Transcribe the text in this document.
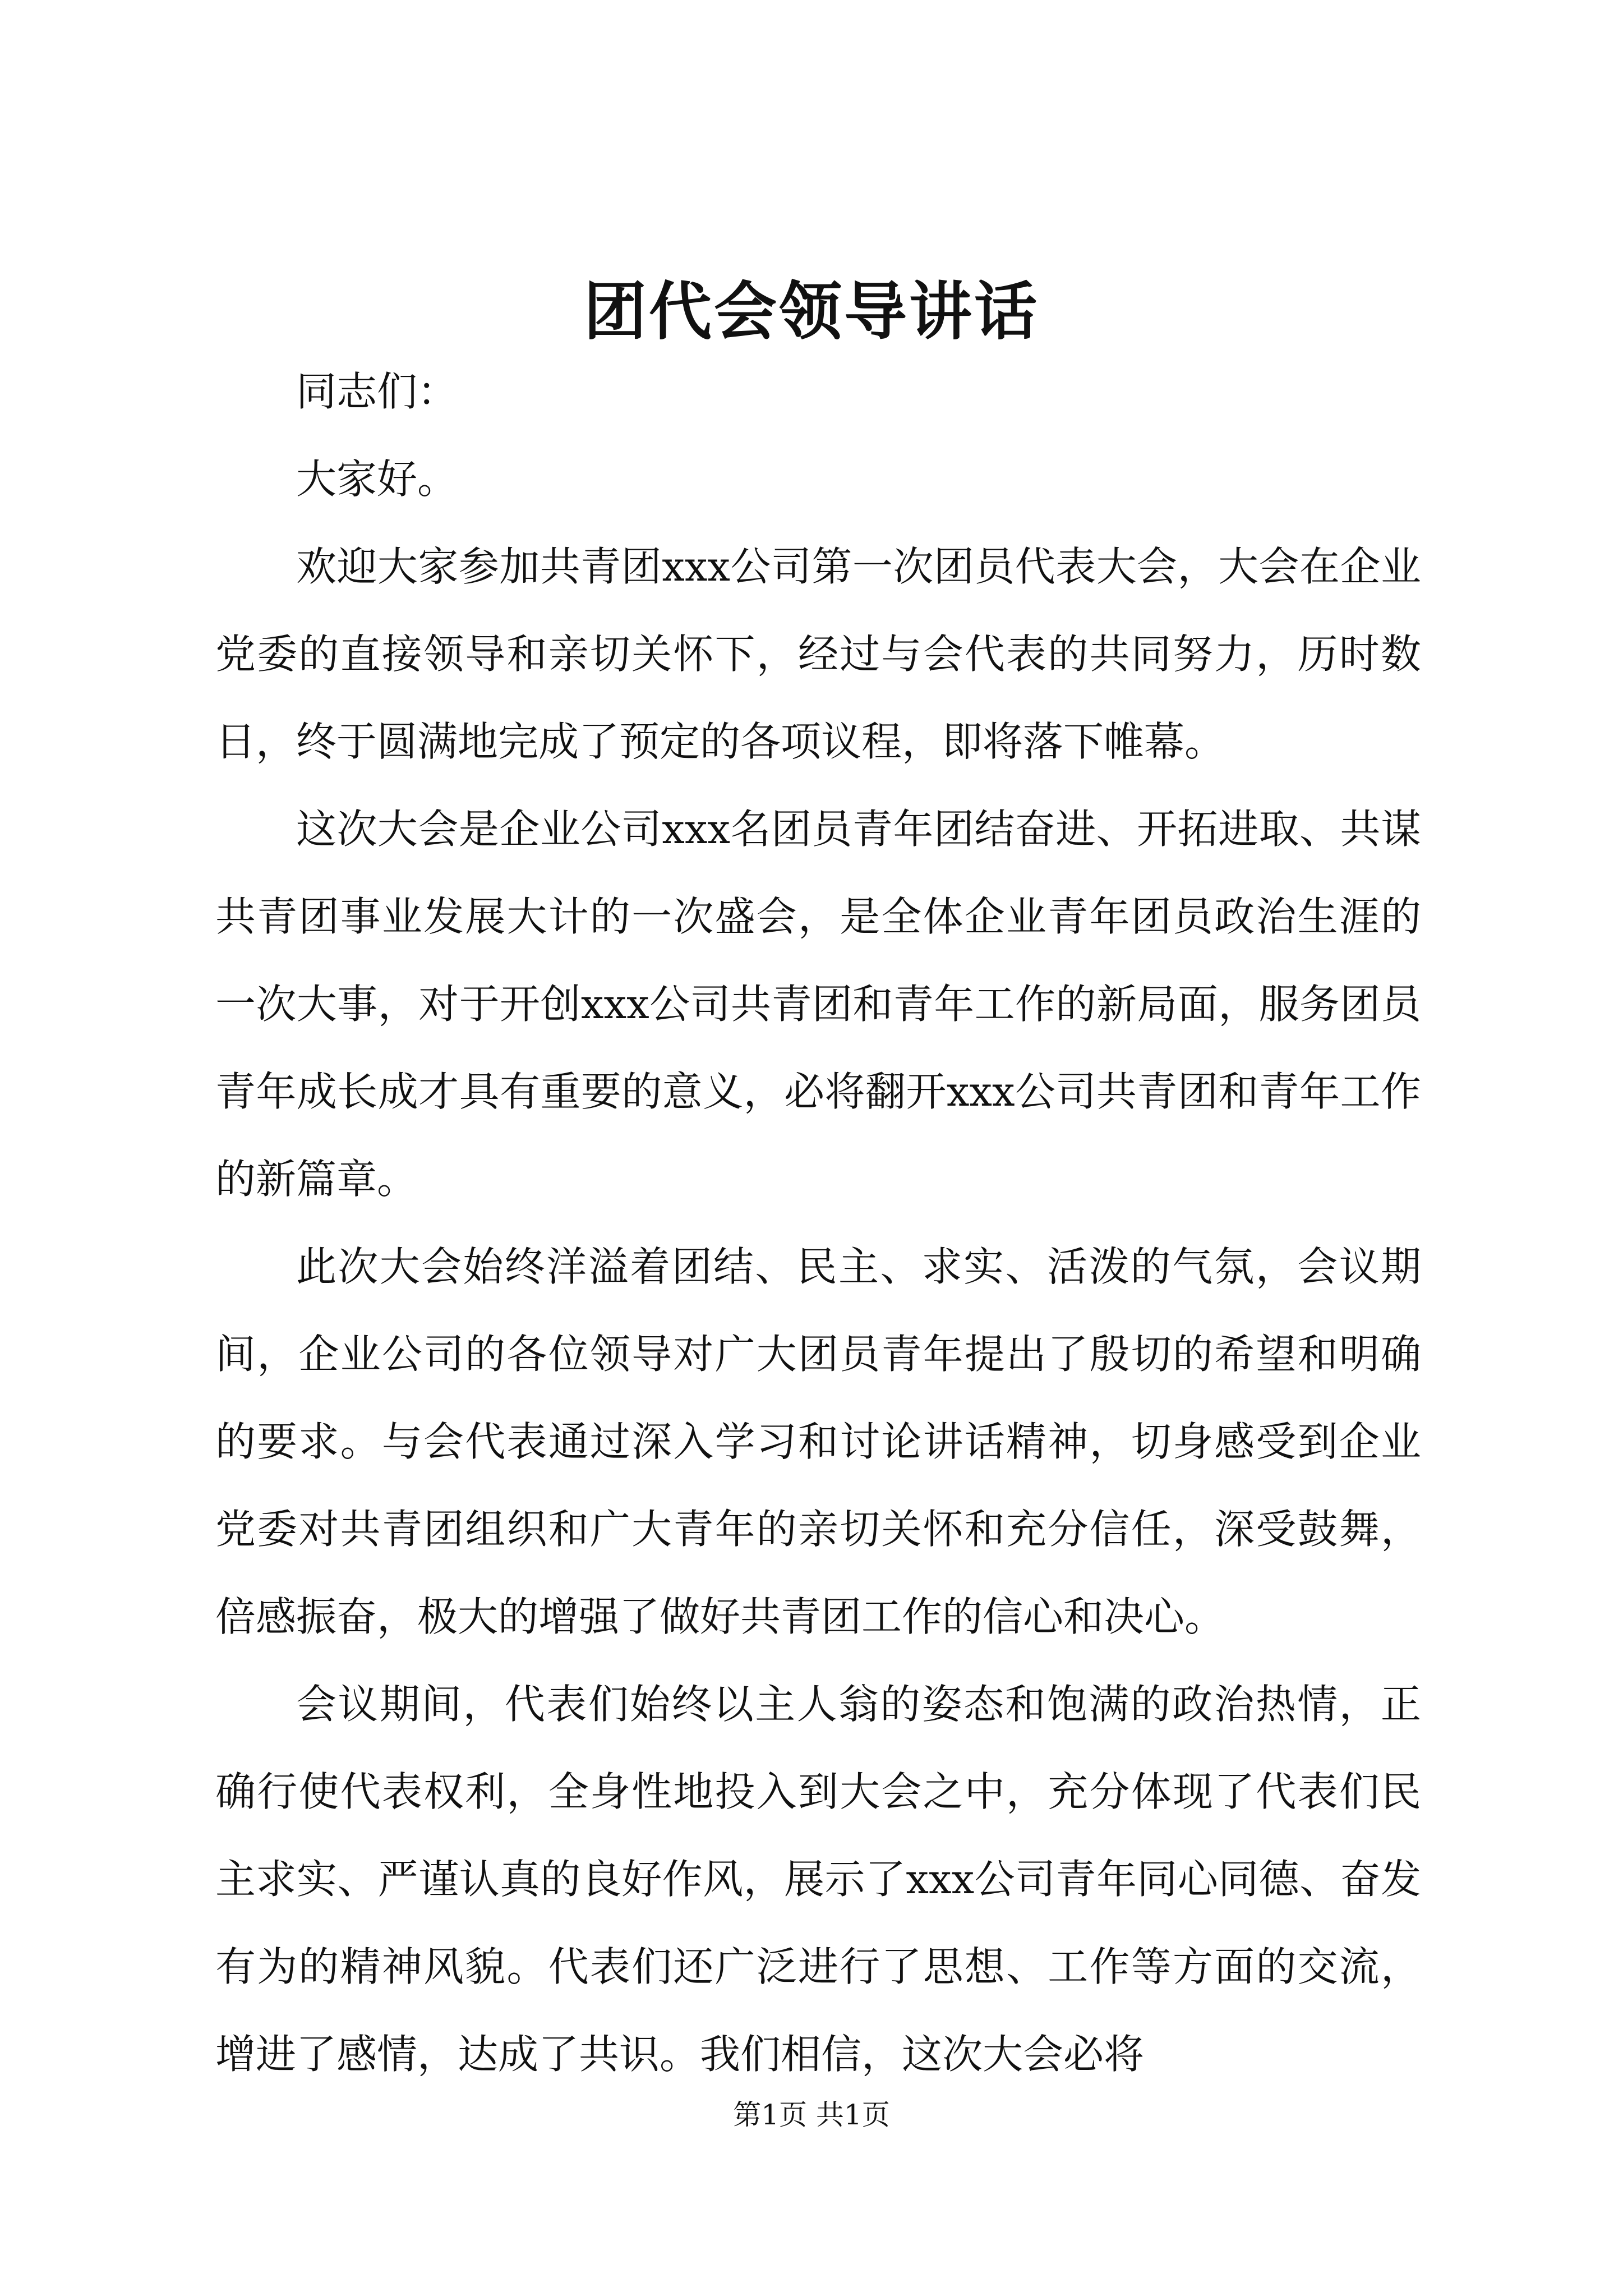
团代会领导讲话

同志们：

大家好。

欢迎大家参加共青团xxx公司第一次团员代表大会，大会在企业党委的直接领导和亲切关怀下，经过与会代表的共同努力，历时数日，终于圆满地完成了预定的各项议程，即将落下帷幕。

这次大会是企业公司xxx名团员青年团结奋进、开拓进取、共谋共青团事业发展大计的一次盛会，是全体企业青年团员政治生涯的一次大事，对于开创xxx公司共青团和青年工作的新局面，服务团员青年成长成才具有重要的意义，必将翻开xxx公司共青团和青年工作的新篇章。

此次大会始终洋溢着团结、民主、求实、活泼的气氛，会议期间，企业公司的各位领导对广大团员青年提出了殷切的希望和明确的要求。与会代表通过深入学习和讨论讲话精神，切身感受到企业党委对共青团组织和广大青年的亲切关怀和充分信任，深受鼓舞，倍感振奋，极大的增强了做好共青团工作的信心和决心。

会议期间，代表们始终以主人翁的姿态和饱满的政治热情，正确行使代表权利，全身性地投入到大会之中，充分体现了代表们民主求实、严谨认真的良好作风，展示了xxx公司青年同心同德、奋发有为的精神风貌。代表们还广泛进行了思想、工作等方面的交流，增进了感情，达成了共识。我们相信，这次大会必将

第1页 共1页
